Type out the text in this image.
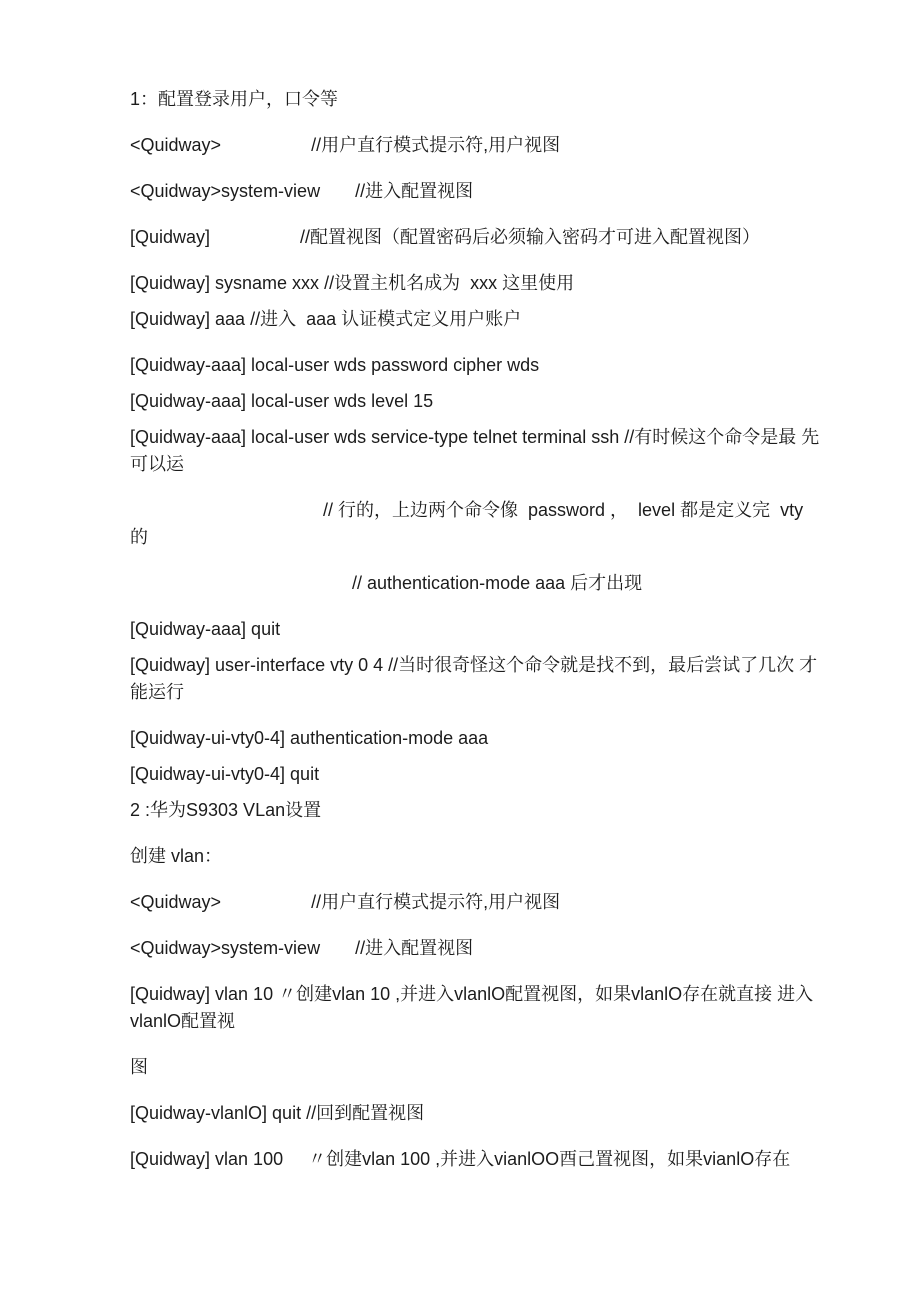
1：配置登录用户，口令等
<Quidway>                  //用户直行模式提示符,用户视图
<Quidway>system-view       //进入配置视图
[Quidway]                  //配置视图（配置密码后必须输入密码才可进入配置视图）
[Quidway] sysname xxx //设置主机名成为  xxx 这里使用
[Quidway] aaa //进入  aaa 认证模式定义用户账户
[Quidway-aaa] local-user wds password cipher wds
[Quidway-aaa] local-user wds level 15
[Quidway-aaa] local-user wds service-type telnet terminal ssh //有时候这个命令是最 先
可以运
// 行的，上边两个命令像  password ，  level 都是定义完  vty
的
// authentication-mode aaa 后才出现
[Quidway-aaa] quit
[Quidway] user-interface vty 0 4 //当时很奇怪这个命令就是找不到，最后尝试了几次 才
能运行
[Quidway-ui-vty0-4] authentication-mode aaa
[Quidway-ui-vty0-4] quit
2 :华为S9303 VLan设置
创建 vlan：
<Quidway>                  //用户直行模式提示符,用户视图
<Quidway>system-view       //进入配置视图
[Quidway] vlan 10 〃创建vlan 10 ,并进入vlanlO配置视图，如果vlanlO存在就直接 进入
vlanlO配置视
图
[Quidway-vlanlO] quit //回到配置视图
[Quidway] vlan 100     〃创建vlan 100 ,并进入vianlOO酉己置视图，如果vianlO存在
